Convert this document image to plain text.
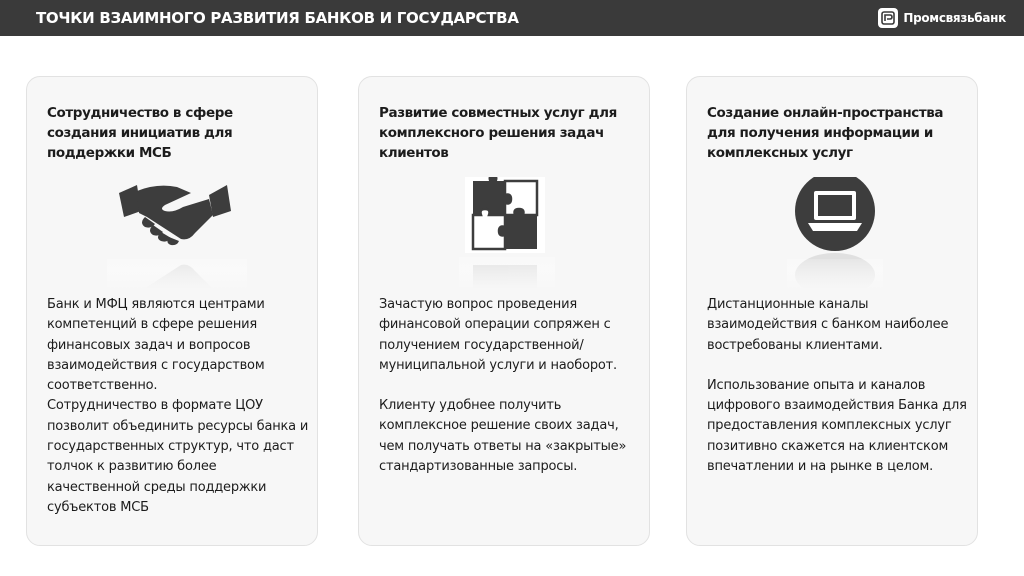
ТОЧКИ ВЗАИМНОГО РАЗВИТИЯ БАНКОВ И ГОСУДАРСТВА	Промсвязьбанк
Сотрудничество в сфере создания инициатив для поддержки МСБ

Банк и МФЦ являются центрами компетенций в сфере решения финансовых задач и вопросов взаимодействия с государством соответственно.

Сотрудничество в формате ЦОУ позволит объединить ресурсы банка и государственных структур, что даст толчок к развитию более качественной среды поддержки субъектов МСБ

Развитие совместных услуг для комплексного решения задач клиентов

Зачастую вопрос проведения финансовой операции сопряжен с получением государственной/ муниципальной услуги и наоборот.

Клиенту удобнее получить комплексное решение своих задач, чем получать ответы на «закрытые» стандартизованные запросы.

Создание онлайн-пространства для получения информации и комплексных услуг

Дистанционные каналы взаимодействия с банком наиболее востребованы клиентами.

Использование опыта и каналов цифрового взаимодействия Банка для предоставления комплексных услуг позитивно скажется на клиентском впечатлении и на рынке в целом.
